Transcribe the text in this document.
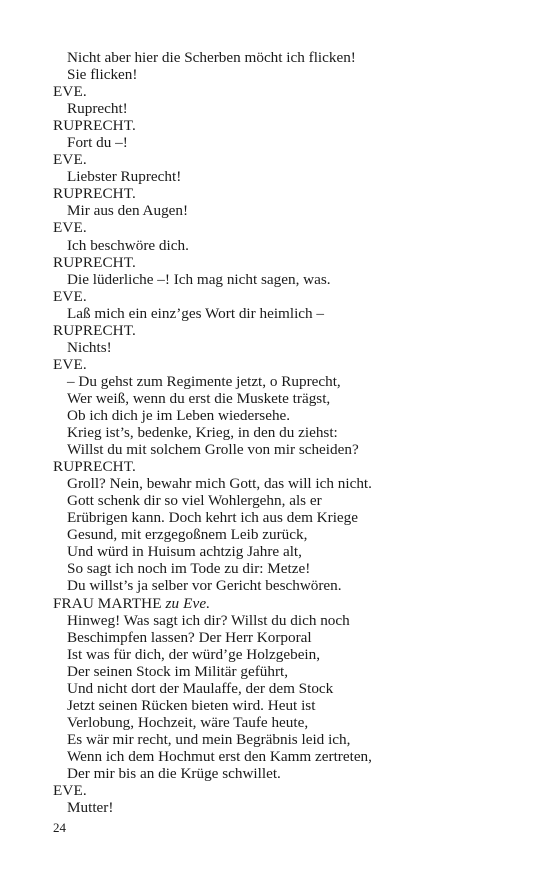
Nicht aber hier die Scherben möcht ich flicken!
Sie flicken!
EVE.
Ruprecht!
RUPRECHT.
Fort du –!
EVE.
Liebster Ruprecht!
RUPRECHT.
Mir aus den Augen!
EVE.
Ich beschwöre dich.
RUPRECHT.
Die lüderliche –! Ich mag nicht sagen, was.
EVE.
Laß mich ein einz’ges Wort dir heimlich –
RUPRECHT.
Nichts!
EVE.
– Du gehst zum Regimente jetzt, o Ruprecht,
Wer weiß, wenn du erst die Muskete trägst,
Ob ich dich je im Leben wiedersehe.
Krieg ist’s, bedenke, Krieg, in den du ziehst:
Willst du mit solchem Grolle von mir scheiden?
RUPRECHT.
Groll? Nein, bewahr mich Gott, das will ich nicht.
Gott schenk dir so viel Wohlergehn, als er
Erübrigen kann. Doch kehrt ich aus dem Kriege
Gesund, mit erzgegoßnem Leib zurück,
Und würd in Huisum achtzig Jahre alt,
So sagt ich noch im Tode zu dir: Metze!
Du willst’s ja selber vor Gericht beschwören.
FRAU MARTHE zu Eve.
Hinweg! Was sagt ich dir? Willst du dich noch
Beschimpfen lassen? Der Herr Korporal
Ist was für dich, der würd’ge Holzgebein,
Der seinen Stock im Militär geführt,
Und nicht dort der Maulaffe, der dem Stock
Jetzt seinen Rücken bieten wird. Heut ist
Verlobung, Hochzeit, wäre Taufe heute,
Es wär mir recht, und mein Begräbnis leid ich,
Wenn ich dem Hochmut erst den Kamm zertreten,
Der mir bis an die Krüge schwillet.
EVE.
Mutter!
24
